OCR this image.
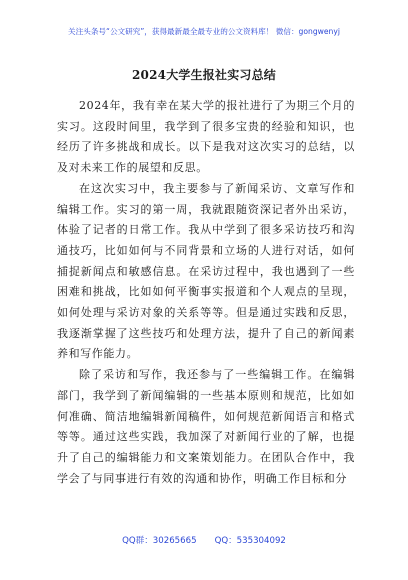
关注头条号“公文研究”，获得最新最全最专业的公文资料库！ 微信：gongwenyj
2024大学生报社实习总结

2024年，我有幸在某大学的报社进行了为期三个月的实习。这段时间里，我学到了很多宝贵的经验和知识，也经历了许多挑战和成长。以下是我对这次实习的总结，以及对未来工作的展望和反思。

在这次实习中，我主要参与了新闻采访、文章写作和编辑工作。实习的第一周，我就跟随资深记者外出采访，体验了记者的日常工作。我从中学到了很多采访技巧和沟通技巧，比如如何与不同背景和立场的人进行对话，如何捕捉新闻点和敏感信息。在采访过程中，我也遇到了一些困难和挑战，比如如何平衡事实报道和个人观点的呈现，如何处理与采访对象的关系等等。但是通过实践和反思，我逐渐掌握了这些技巧和处理方法，提升了自己的新闻素养和写作能力。

除了采访和写作，我还参与了一些编辑工作。在编辑部门，我学到了新闻编辑的一些基本原则和规范，比如如何准确、简洁地编辑新闻稿件，如何规范新闻语言和格式等等。通过这些实践，我加深了对新闻行业的了解，也提升了自己的编辑能力和文案策划能力。在团队合作中，我学会了与同事进行有效的沟通和协作，明确工作目标和分

QQ群：30265665 QQ：535304092
